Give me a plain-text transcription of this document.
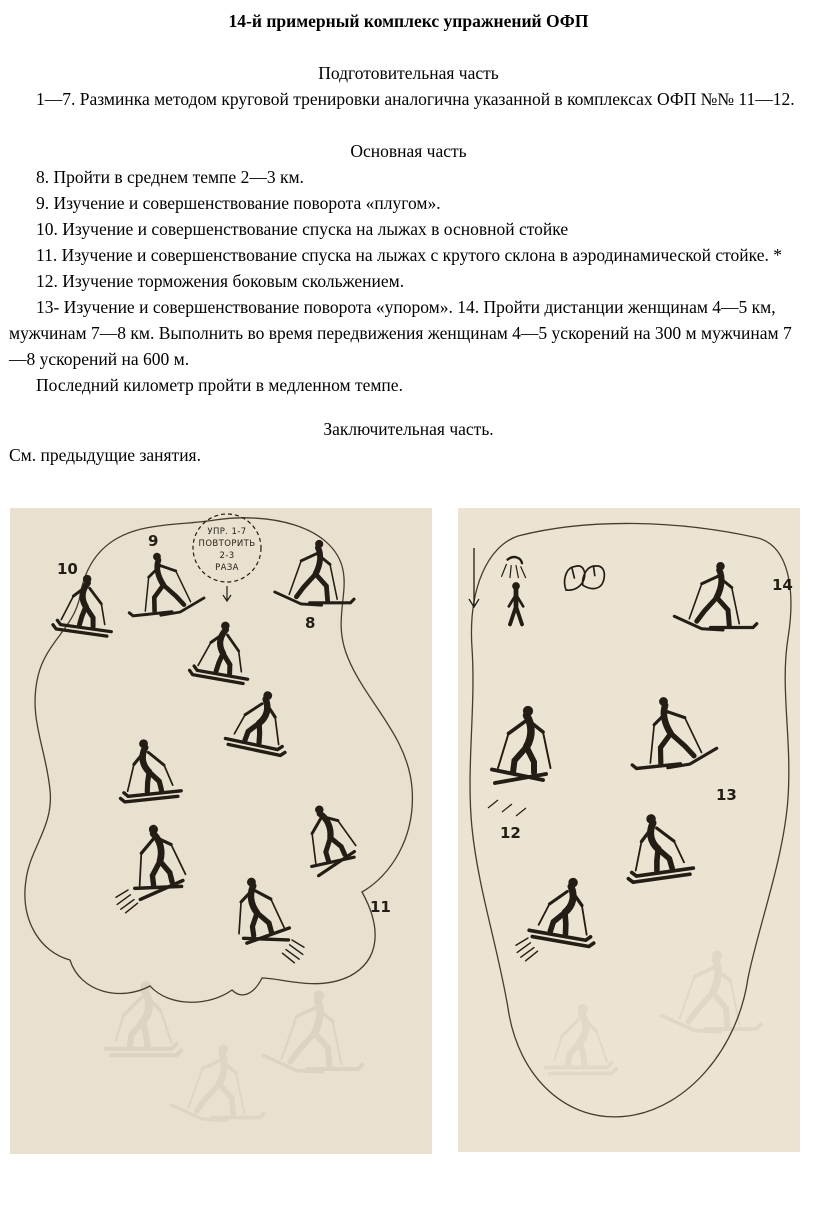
14-й примерный комплекс упражнений ОФП

Подготовительная часть

1—7. Разминка методом круговой тренировки аналогична указанной в комплексах ОФП №№ 11—12.

Основная часть

8. Пройти в среднем темпе 2—3 км.

9. Изучение и совершенствование поворота «плугом».

10. Изучение и совершенствование спуска на лыжах в основной стойке

11. Изучение и совершенствование спуска на лыжах с крутого склона в аэродинамической стойке. *

12. Изучение торможения боковым скольжением.

13- Изучение и совершенствование поворота «упором». 14. Пройти дистанции женщинам 4—5 км, мужчинам 7—8 км. Выполнить во время передвижения женщинам 4—5 ускорений на 300 м мужчинам 7—8 ускорений на 600 м.

Последний километр пройти в медленном темпе.

Заключительная часть.

См. предыдущие занятия.

УПР. 1-7
ПОВТОРИТЬ
2-3
РАЗА
10
9
8
11
14
12
13
